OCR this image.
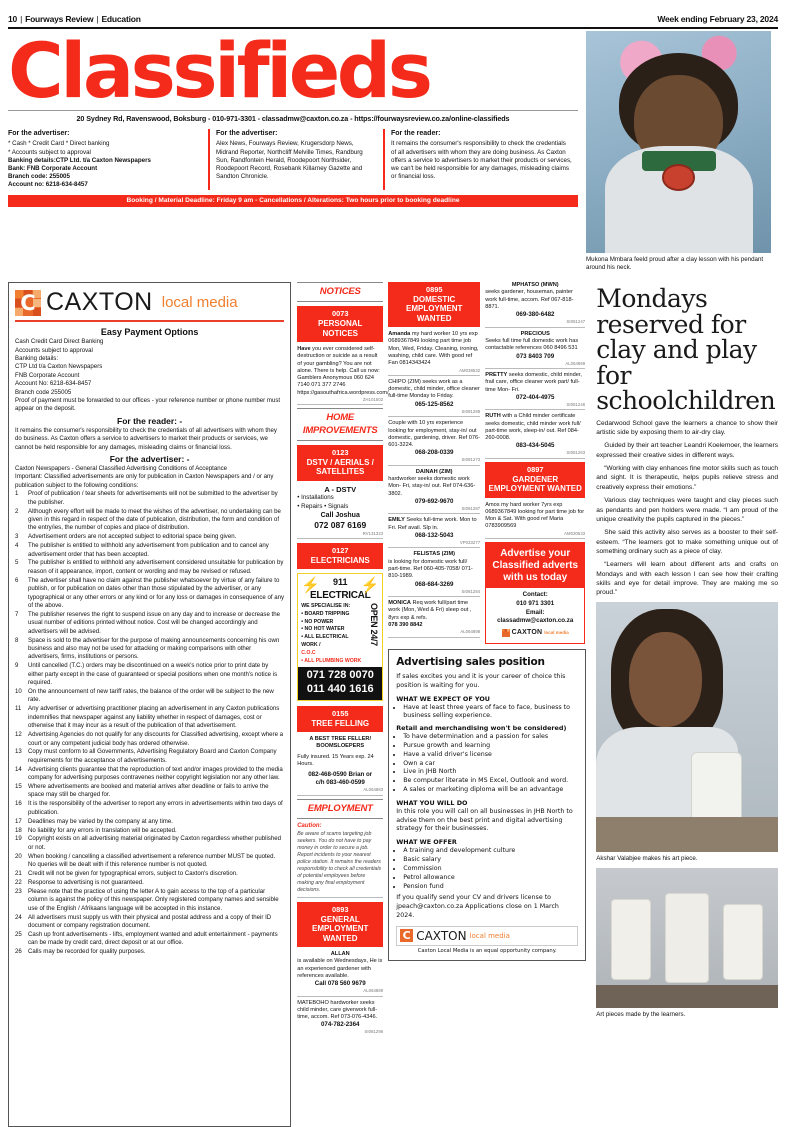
10 | Fourways Review | Education	Week ending February 23, 2024
Classifieds
20 Sydney Rd, Ravenswood, Boksburg - 010-971-3301 - classadmw@caxton.co.za - https://fourwaysreview.co.za/online-classifieds
For the advertiser:

* Cash * Credit Card * Direct banking

* Accounts subject to approval

Banking details:CTP Ltd. t/a Caxton Newspapers

Bank: FNB Corporate Account

Branch code: 255005

Account no: 6218-634-8457

For the advertiser:

Alex News, Fourways Review, Krugersdorp News, Midrand Reporter, Northcliff Melville Times, Randburg Sun, Randfontein Herald, Roodepoort Northsider, Roodepoort Record, Rosebank Killarney Gazette and Sandton Chronicle.

For the reader:

It remains the consumer's responsibility to check the credentials of all advertisers with whom they are doing business. As Caxton offers a service to advertisers to market their products or services, we can't be held responsible for any damages, misleading claims or financial loss.

Booking / Material Deadline: Friday 9 am - Cancellations / Alterations: Two hours prior to booking deadline
Mukona Mmbara feeld proud after a clay lesson with his pendant around his neck.
C
CAXTON local media
Easy Payment Options

Cash Credit Card Direct Banking

Accounts subject to approval

Banking details:

CTP Ltd t/a Caxton Newspapers

FNB Corporate Account

Account No: 6218-634-8457

Branch code 255005

Proof of payment must be forwarded to our offices - your reference number or phone number must appear on the deposit.

For the reader: -

It remains the consumer's responsibility to check the credentials of all advertisers with whom they do business. As Caxton offers a service to advertisers to market their products or services, we cannot be held responsible for any damages, misleading claims or financial loss.

For the advertiser: -

Caxton Newspapers - General Classified Advertising Conditions of Acceptance

Important: Classified advertisements are only for publication in Caxton Newspapers and / or any publication subject to the following conditions:

1	Proof of publication / tear sheets for advertisements will not be submitted to the advertiser by the publisher.
2	Although every effort will be made to meet the wishes of the advertiser, no undertaking can be given in this regard in respect of the date of publication, distribution, the form and condition of the entry/ies, the number of copies and place of distribution.
3	Advertisement orders are not accepted subject to editorial space being given.
4	The publisher is entitled to withhold any advertisement from publication and to cancel any advertisement order that has been accepted.
5	The publisher is entitled to withhold any advertisement considered unsuitable for publication by reason of it appearance, import, content or wording and may be revised or refused.
6	The advertiser shall have no claim against the publisher whatsoever by virtue of any failure to publish, or for publication on dates other than those stipulated by the advertiser, or any typographical or any other errors or any kind or for any loss or damages in consequence of any of the above.
7	The publisher reserves the right to suspend issue on any day and to increase or decrease the usual number of editions printed without notice. Cost will be changed accordingly and advertisers will be advised.
8	Space is sold to the advertiser for the purpose of making announcements concerning his own business and also may not be used for attacking or making comparisons with other advertisers, firms, institutions or persons.
9	Until cancelled (T.C.) orders may be discontinued on a week's notice prior to print date by either party except in the case of guaranteed or special positions when one month's notice is required.
10	On the announcement of new tariff rates, the balance of the order will be subject to the new rate.
11	Any advertiser or advertising practitioner placing an advertisement in any Caxton publications indemnifies that newspaper against any liability whether in respect of damages, cost or otherwise that it may incur as a result of the publication of that advertisement.
12	Advertising Agencies do not qualify for any discounts for Classified advertising, except where a court or any competent judicial body has ordered otherwise.
13	Copy must conform to all Governments, Advertising Regulatory Board and Caxton Company requirements for the acceptance of advertisements.
14	Advertising clients guarantee that the reproduction of text and/or images provided to the media company for advertising purposes contravenes neither copyright legislation nor any other law.
15	Where advertisements are booked and material arrives after deadline or fails to arrive the space may still be charged for.
16	It is the responsibility of the advertiser to report any errors in advertisements within two days of publication.
17	Deadlines may be varied by the company at any time.
18	No liability for any errors in translation will be accepted.
19	Copyright exists on all advertising material originated by Caxton regardless whether published or not.
20	When booking / cancelling a classified advertisement a reference number MUST be quoted. No queries will be dealt with if this reference number is not quoted.
21	Credit will not be given for typographical errors, subject to Caxton's discretion.
22	Response to advertising is not guaranteed.
23	Please note that the practice of using the letter A to gain access to the top of a particular column is against the policy of this newspaper. Only registered company names and sensible use of the English / Afrikaans language will be accepted in this instance.
24	All advertisers must supply us with their physical and postal address and a copy of their ID document or company registration document.
25	Cash up front advertisements - lifts, employment wanted and adult entertainment - payments can be made by credit card, direct deposit or at our office.
26	Calls may be recorded for quality purposes.
NOTICES
0073
PERSONAL NOTICES

Have you ever considered self-destruction or suicide as a result of your gambling? You are not alone. There is help. Call us now: Gamblers Anonymous 060 624 7140 071 377 2746 https://gasouthafrica.wordpress.com/

ZH101502
HOME IMPROVEMENTS
0123
DSTV / AERIALS / SATELLITES
A - DSTV
• Installations
• Repairs • Signals
Call Joshua
072 087 6169
RV131323
0127
ELECTRICIANS
⚡	⚡
911
ELECTRICAL
WE SPECIALISE IN:
• BOARD TRIPPING
• NO POWER
• NO HOT WATER
• ALL ELECTRICAL WORK /
C.O.C
• ALL PLUMBING WORK
OPEN 24/7
071 728 0070
011 440 1616
0155
TREE FELLING

A BEST TREE FELLER/

BOOMSLOEPERS

Fully insured. 15 Years exp. 24 Hours.

082-468-0590 Brian or

c/h 083-460-0599

AL064883
EMPLOYMENT
Caution:

Be aware of scams targeting job seekers. You do not have to pay money in order to secure a job. Report incidents to your nearest police station. It remains the readers responsibility to check all credentials of potential employees before making any final employment decisions.

0893
GENERAL EMPLOYMENT WANTED

ALLAN

is available on Wednesdays, He is an experienced gardener with references available.

Call 078 560 9679

AL064889

MATEBOHO hardworker seeks child minder, care giverwork full-time, accom. Ref 073-076-4346.

074-782-2364

SI081296
0895
DOMESTIC EMPLOYMENT WANTED

Amanda my hard worker 10 yrs exp 0689367849 looking part time job Mon, Wed, Friday. Cleaning, ironing, washing, child care. With good ref Fan 0814343424

AM039532

CHIPO (ZIM) seeks work as a domestic, child minder, office cleaner full-time Monday to Friday.

065-125-8562

SI081289

Couple with 10 yrs experience looking for employment, stay-in/ out domestic, gardening, driver. Ref 076-601-3224.

068-208-0339

SI081273

DAINAH (ZIM)

hardworker seeks domestic work Mon- Fri, stay-in/ out. Ref 074-636-3802.

079-692-9670

SI081287

EMILY Seeks full-time work. Mon to Fri. Ref avail. Slp in.

068-132-5043

VP033277

FELISTAS (ZIM)

is looking for domestic work full/ part-time. Ref 060-405-7058/ 071-810-1989.

068-684-3269

SI081284

MONICA Req work full/part time work (Mon, Wed & Fri) sleep out , 8yrs exp & refs.

078 390 8842

AL064898

MPHATSO (MWN)

seeks gardener, houseman, painter work full-time, accom. Ref 067-818-8871.

069-380-6482

SI081247

PRECIOUS

Seeks full time full domestic work has contactable references 060 8496 531

073 8403 709

AL064869

PRETTY seeks domestic, child minder, frail care, office cleaner work part/ full-time Mon- Fri.

072-404-4975

SI081246

RUTH with a Child minder certificate seeks domestic, child minder work full/ part-time work, sleep-in/ out. Ref 084-260-0008.

083-434-5045

SI081263
0897
GARDENER EMPLOYMENT WANTED

Amos my hard worker 7yrs exp 0689367849 looking for part time job for Mon & Sat. With good ref Maria 0783909569

AM030533
Advertise your Classified adverts with us today
Contact:
010 971 3301
Email:
classadmw@caxton.co.za
CAXTON local media
Advertising sales position

If sales excites you and it is your career of choice this position is waiting for you.

WHAT WE EXPECT OF YOU
• Have at least three years of face to face, business to business selling experience.
Retail and merchandising won't be considered)
• To have determination and a passion for sales
• Pursue growth and learning
• Have a valid driver's license
• Own a car
• Live in JHB North
• Be computer literate in MS Excel, Outlook and word.
• A sales or marketing diploma will be an advantage
WHAT YOU WILL DO

In this role you will call on all businesses in JHB North to advise them on the best print and digital advertising strategy for their businesses.

WHAT WE OFFER
• A training and development culture
• Basic salary
• Commission
• Petrol allowance
• Pension fund

If you qualify send your CV and drivers license to jpeach@caxton.co.za Applications close on 1 March 2024.

C
CAXTON local media
Caxton Local Media is an equal opportunity company.
Mondays reserved for clay and play for schoolchildren

Cedarwood School gave the learners a chance to show their artistic side by exposing them to air-dry clay.

Guided by their art teacher Leandri Koelemoer, the learners expressed their creative sides in different ways.

“Working with clay enhances fine motor skills such as touch and sight. It is therapeutic, helps pupils relieve stress and creatively express their emotions.”

Various clay techniques were taught and clay pieces such as pendants and pen holders were made. “I am proud of the unique creativity the pupils captured in the pieces.”

She said this activity also serves as a booster to their self-esteem. “The learners got to make something unique out of something ordinary such as a piece of clay.

“Learners will learn about different arts and crafts on Mondays and with each lesson I can see how their crafting skills and eye for detail improve. They are making me so proud.”

Akshar Valabjee makes his art piece.
Art pieces made by the learners.
